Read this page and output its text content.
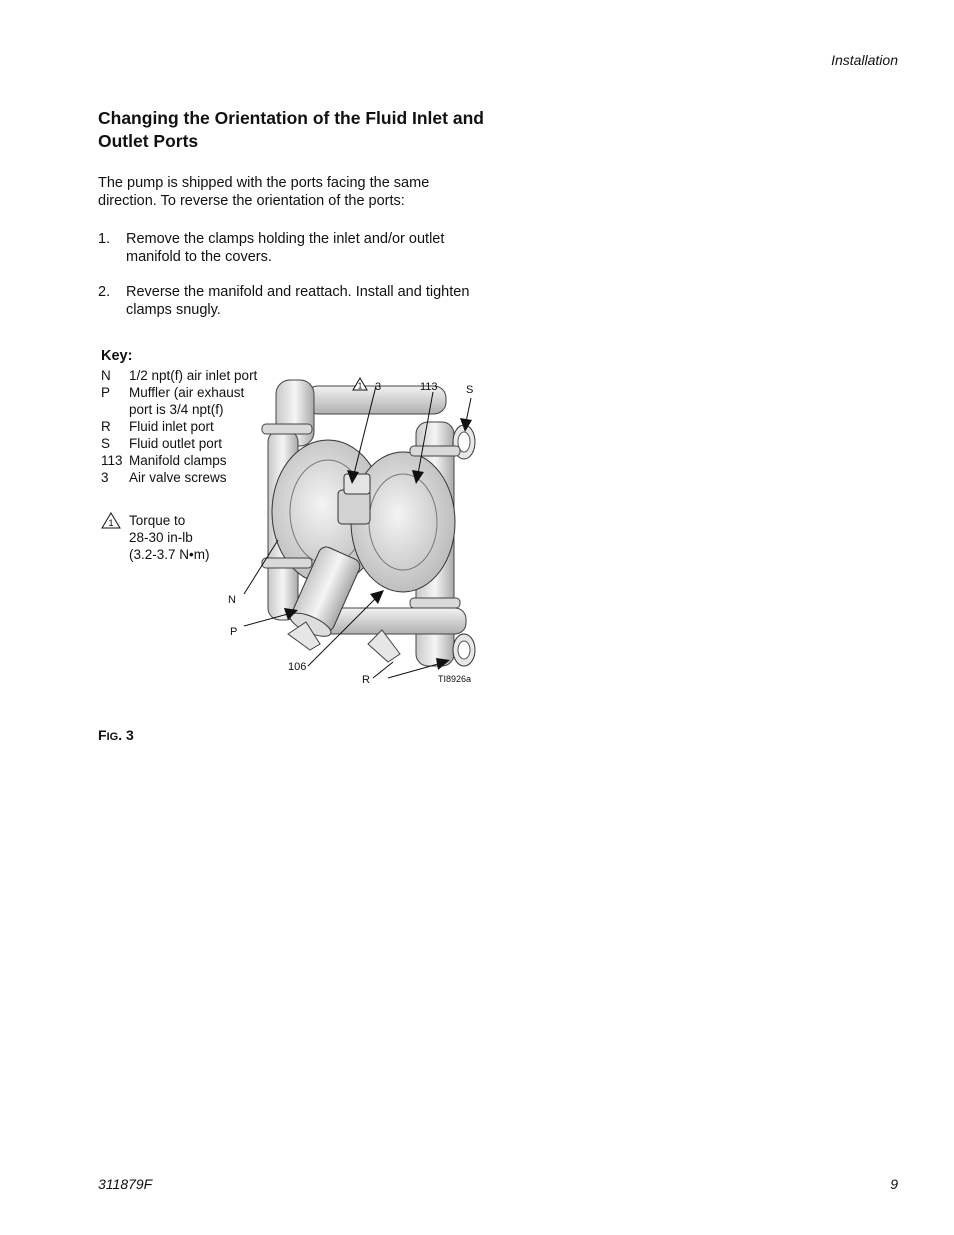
Installation
Changing the Orientation of the Fluid Inlet and Outlet Ports
The pump is shipped with the ports facing the same direction. To reverse the orientation of the ports:
1. Remove the clamps holding the inlet and/or outlet manifold to the covers.
2. Reverse the manifold and reattach. Install and tighten clamps snugly.
Key:
N	1/2 npt(f) air inlet port
P	Muffler (air exhaust port is 3/4 npt(f)
R	Fluid inlet port
S	Fluid outlet port
113 Manifold clamps
3	Air valve screws
1 Torque to
28-30 in-lb
(3.2-3.7 N•m)
1 3	113	S
N
P
106
R	TI8926a
FIG. 3
311879F	9
